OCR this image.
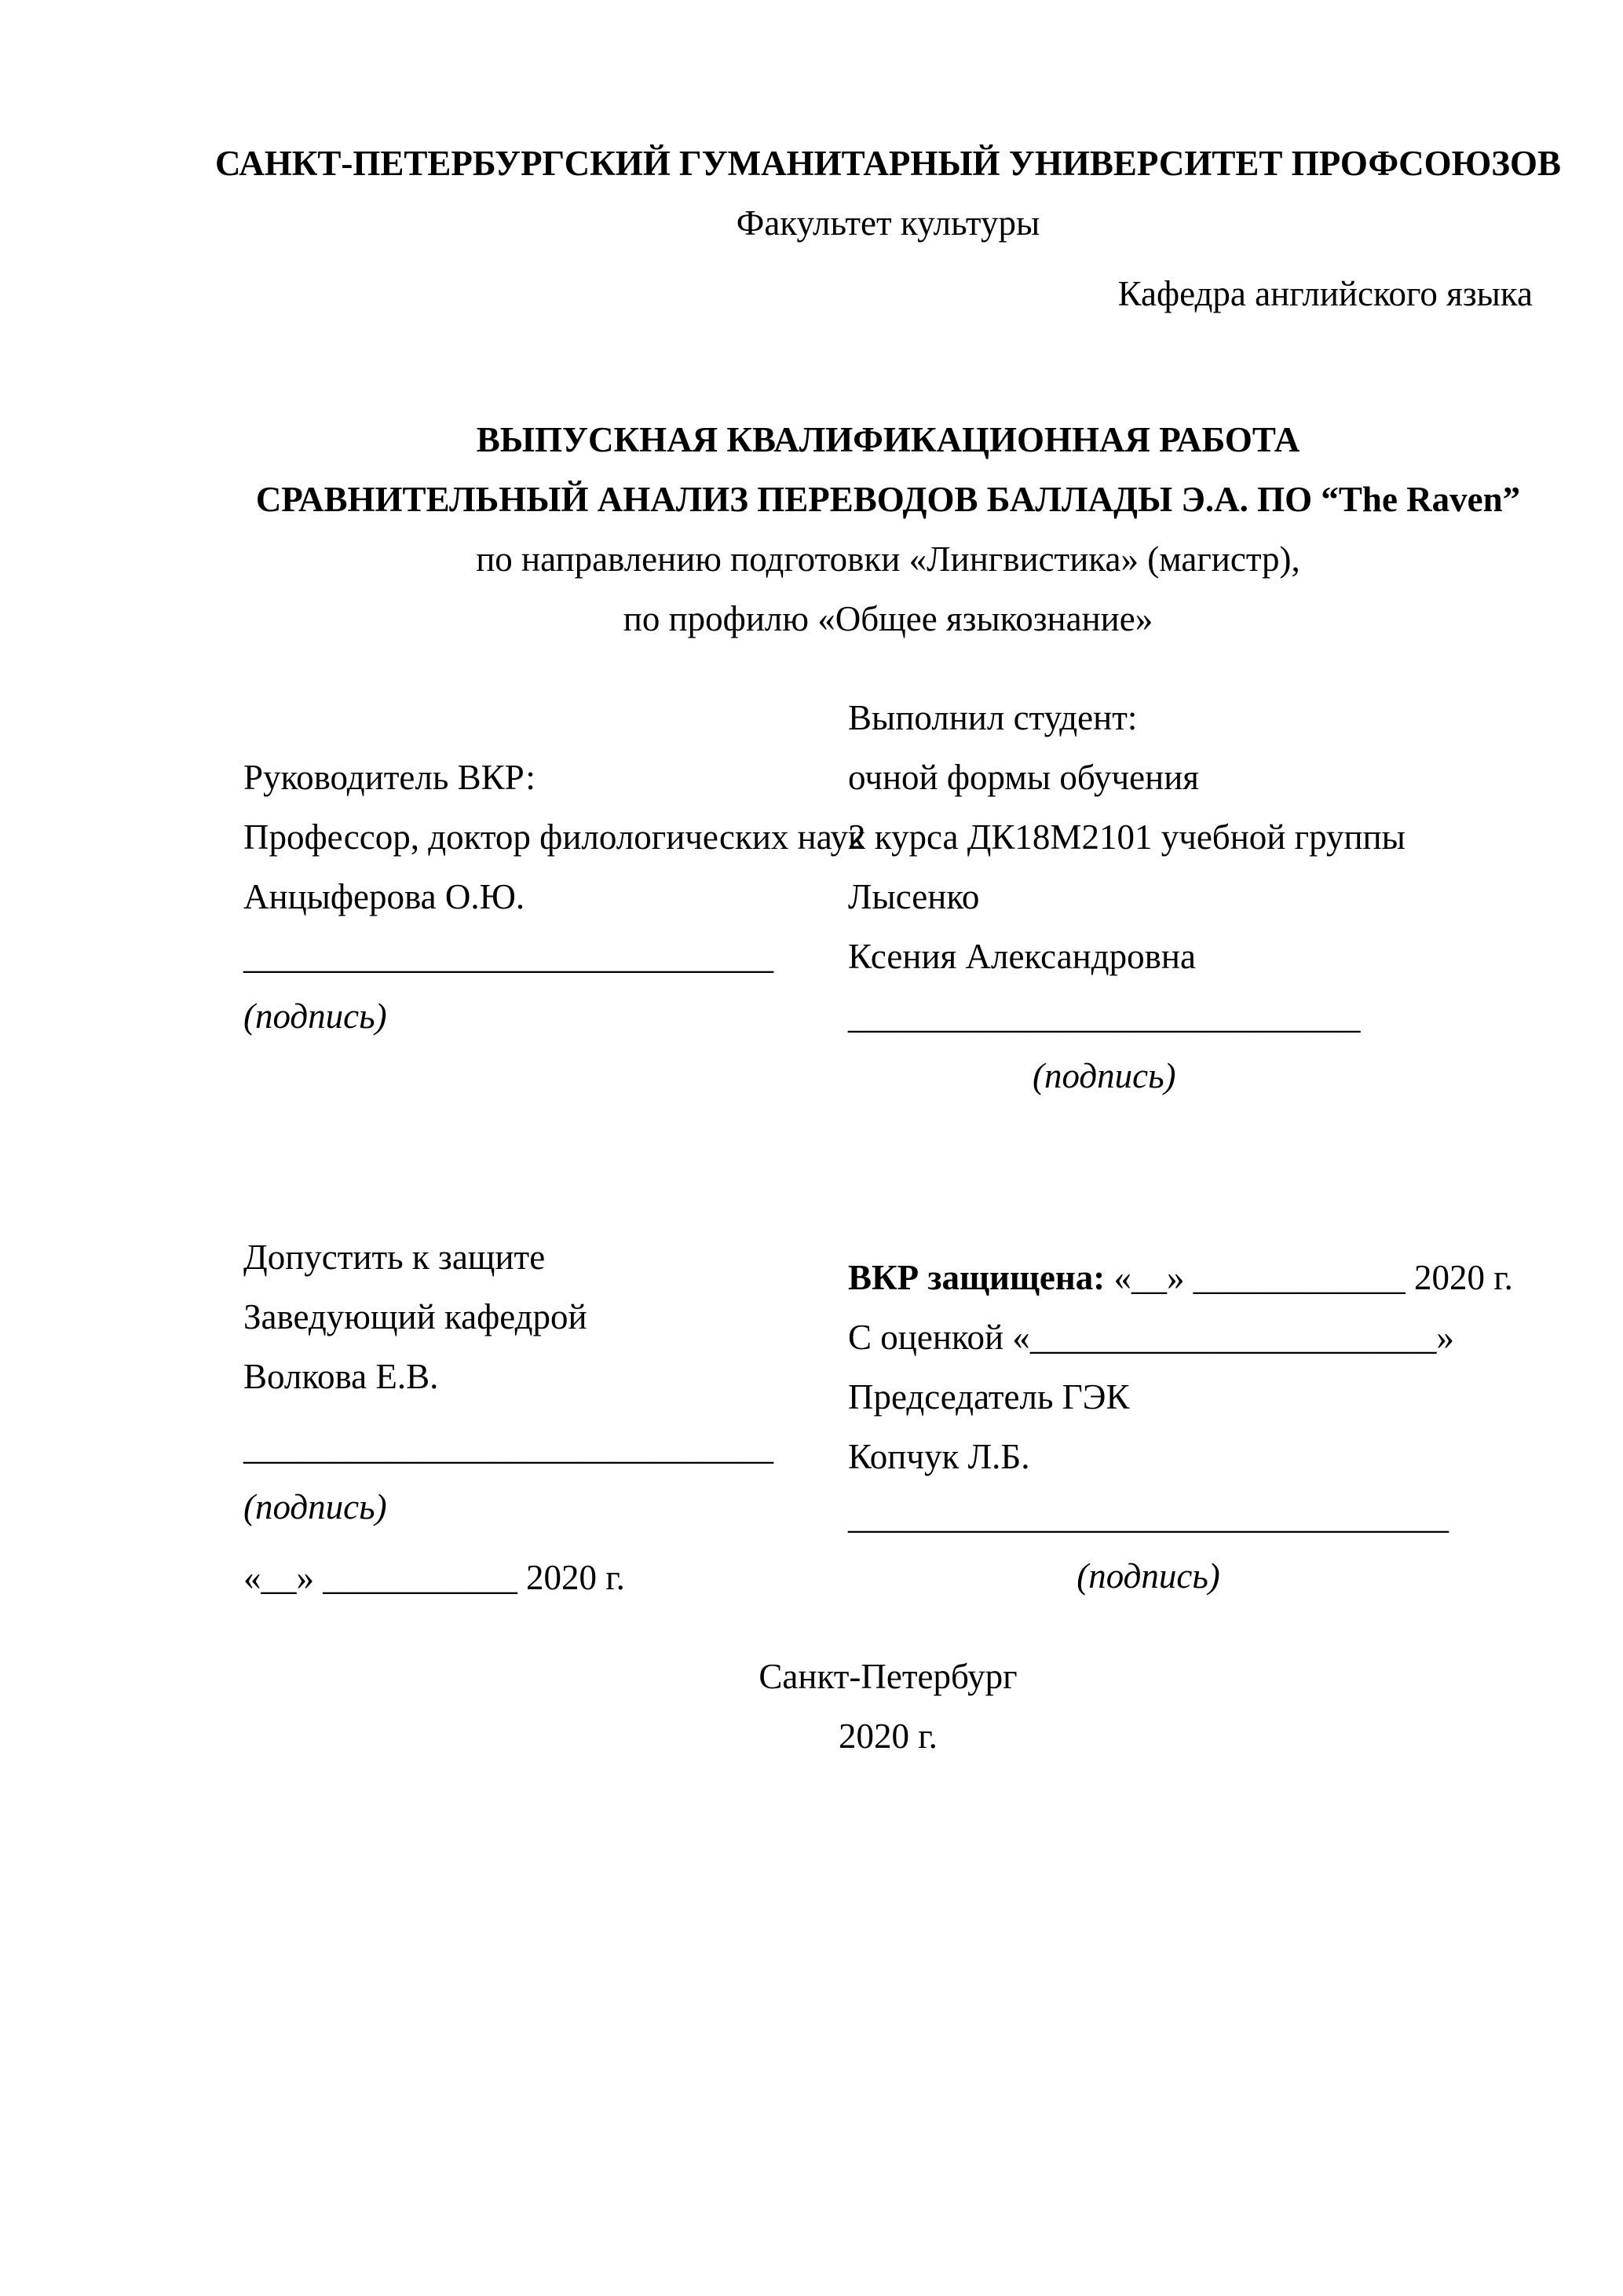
САНКТ-ПЕТЕРБУРГСКИЙ ГУМАНИТАРНЫЙ УНИВЕРСИТЕТ ПРОФСОЮЗОВ
Факультет культуры
Кафедра английского языка
ВЫПУСКНАЯ КВАЛИФИКАЦИОННАЯ РАБОТА
СРАВНИТЕЛЬНЫЙ АНАЛИЗ ПЕРЕВОДОВ БАЛЛАДЫ Э.А. ПО “The Raven”
по направлению подготовки «Лингвистика» (магистр),
по профилю «Общее языкознание»
Руководитель ВКР:
Профессор, доктор филологических наук
Анцыферова О.Ю.
______________________________
(подпись)
Выполнил студент:
очной формы обучения
2 курса ДК18М2101 учебной группы
Лысенко
Ксения Александровна
_____________________________
(подпись)
Допустить к защите
Заведующий кафедрой
Волкова Е.В.
______________________________
(подпись)
«__» ___________ 2020 г.
ВКР защищена: «__» ____________ 2020 г.
С оценкой «_______________________»
Председатель ГЭК
Копчук Л.Б.
__________________________________
(подпись)
Санкт-Петербург
2020 г.
